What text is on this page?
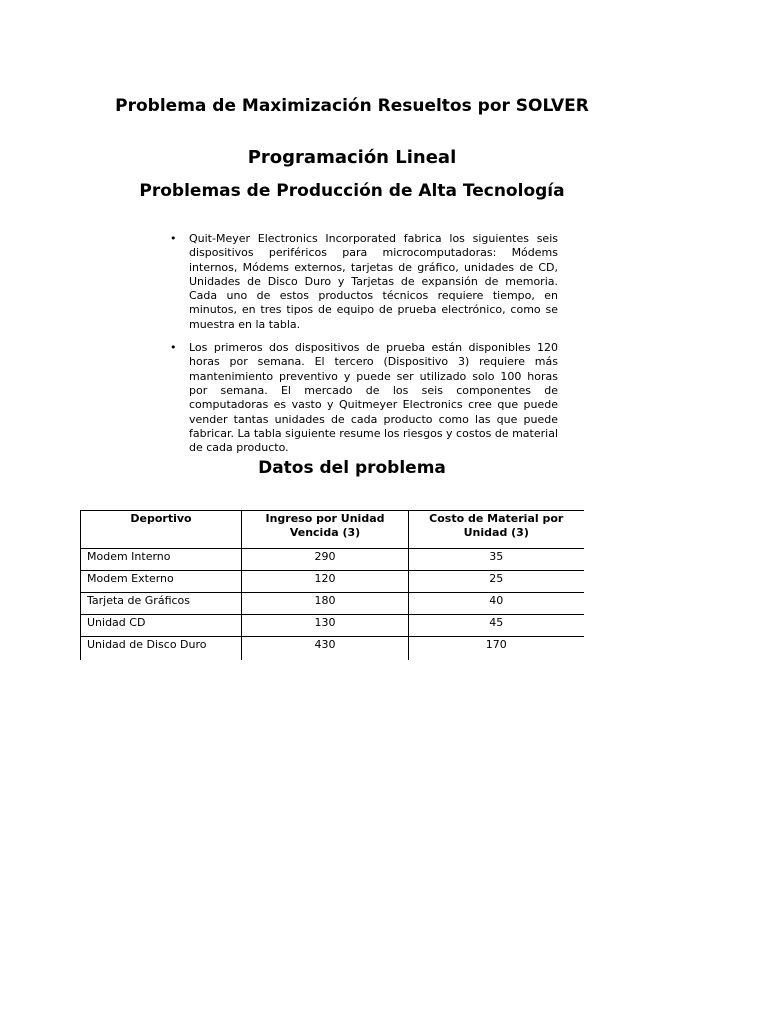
Problema de Maximización Resueltos por SOLVER
Programación Lineal
Problemas de Producción de Alta Tecnología
•	Quit-Meyer Electronics Incorporated fabrica los siguientes seis dispositivos periféricos para microcomputadoras: Módems internos, Módems externos, tarjetas de gráfico, unidades de CD, Unidades de Disco Duro y Tarjetas de expansión de memoria. Cada uno de estos productos técnicos requiere tiempo, en minutos, en tres tipos de equipo de prueba electrónico, como se muestra en la tabla.
•	Los primeros dos dispositivos de prueba están disponibles 120 horas por semana. El tercero (Dispositivo 3) requiere más mantenimiento preventivo y puede ser utilizado solo 100 horas por semana. El mercado de los seis componentes de computadoras es vasto y Quitmeyer Electronics cree que puede vender tantas unidades de cada producto como las que puede fabricar. La tabla siguiente resume los riesgos y costos de material de cada producto.
Datos del problema
Deportivo	Ingreso por Unidad Vencida (3)	Costo de Material por Unidad (3)
Modem Interno	290	35
Modem Externo	120	25
Tarjeta de Gráficos	180	40
Unidad CD	130	45
Unidad de Disco Duro	430	170
